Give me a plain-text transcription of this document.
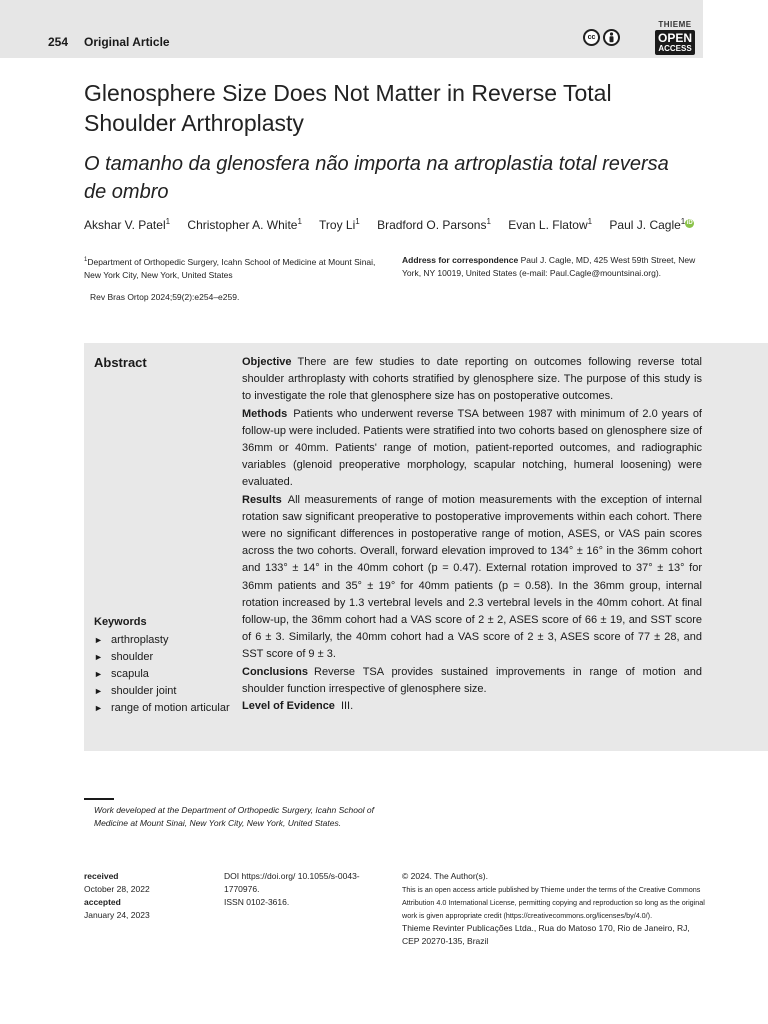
254 Original Article	cc
THIEME
OPEN
ACCESS
Glenosphere Size Does Not Matter in Reverse Total Shoulder Arthroplasty
O tamanho da glenosfera não importa na artroplastia total reversa de ombro
Akshar V. Patel$^1$ Christopher A. White$^1$ Troy Li$^1$ Bradford O. Parsons$^1$ Evan L. Flatow$^1$ Paul J. Cagle$^1$ iD
$^1$Department of Orthopedic Surgery, Icahn School of Medicine at Mount Sinai, New York City, New York, United States
Address for correspondence Paul J. Cagle, MD, 425 West 59th Street, New York, NY 10019, United States (e-mail: Paul.Cagle@mountsinai.org).
Rev Bras Ortop 2024;59(2):e254–e259.
Abstract
Keywords
► arthroplasty
► shoulder
► scapula
► shoulder joint
► range of motion articular

Objective There are few studies to date reporting on outcomes following reverse total shoulder arthroplasty with cohorts stratified by glenosphere size. The purpose of this study is to investigate the role that glenosphere size has on postoperative outcomes.

Methods Patients who underwent reverse TSA between 1987 with minimum of 2.0 years of follow-up were included. Patients were stratified into two cohorts based on glenosphere size of 36mm or 40mm. Patients' range of motion, patient-reported outcomes, and radiographic variables (glenoid preoperative morphology, scapular notching, humeral loosening) were evaluated.

Results All measurements of range of motion measurements with the exception of internal rotation saw significant preoperative to postoperative improvements within each cohort. There were no significant differences in postoperative range of motion, ASES, or VAS pain scores across the two cohorts. Overall, forward elevation improved to 134° ± 16° in the 36mm cohort and 133° ± 14° in the 40mm cohort (p = 0.47). External rotation improved to 37° ± 13° for 36mm patients and 35° ± 19° for 40mm patients (p = 0.58). In the 36mm group, internal rotation increased by 1.3 vertebral levels and 2.3 vertebral levels in the 40mm cohort. At final follow-up, the 36mm cohort had a VAS score of 2 ± 2, ASES score of 66 ± 19, and SST score of 6 ± 3. Similarly, the 40mm cohort had a VAS score of 2 ± 3, ASES score of 77 ± 28, and SST score of 9 ± 3.

Conclusions Reverse TSA provides sustained improvements in range of motion and shoulder function irrespective of glenosphere size.

Level of Evidence III.

Work developed at the Department of Orthopedic Surgery, Icahn School of Medicine at Mount Sinai, New York City, New York, United States.
received
October 28, 2022
accepted
January 24, 2023
DOI https://doi.org/ 10.1055/s-0043-1770976.
ISSN 0102-3616.
© 2024. The Author(s).
This is an open access article published by Thieme under the terms of the Creative Commons Attribution 4.0 International License, permitting copying and reproduction so long as the original work is given appropriate credit (https://creativecommons.org/licenses/by/4.0/).
Thieme Revinter Publicações Ltda., Rua do Matoso 170, Rio de Janeiro, RJ, CEP 20270-135, Brazil
